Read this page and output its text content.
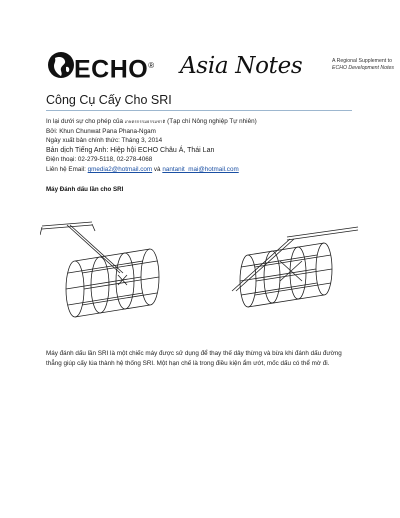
ECHO® Asia Notes	A Regional Supplement to
ECHO Development Notes
Công Cụ Cấy Cho SRI
In lại dưới sự cho phép của เกษตรกรรมธรรมชาติ (Tạp chí Nông nghiệp Tự nhiên)
Bởi: Khun Chunwat Pana Phana-Ngam
Ngày xuất bản chính thức: Tháng 3, 2014
Bản dịch Tiếng Anh: Hiệp hội ECHO Châu Á, Thái Lan
Điện thoại: 02-279-5118, 02-278-4068
Liên hệ Email: gmedia2@hotmail.com và nantanit_mai@hotmail.com
Máy Đánh dấu lần cho SRI
Máy đánh dấu lần SRI là một chiếc máy được sử dụng để thay thế dây thừng và bừa khi đánh dấu đường thẳng giúp cấy lúa thành hệ thống SRI. Một hạn chế là trong điều kiện ẩm ướt, mốc dấu có thể mờ đi.
